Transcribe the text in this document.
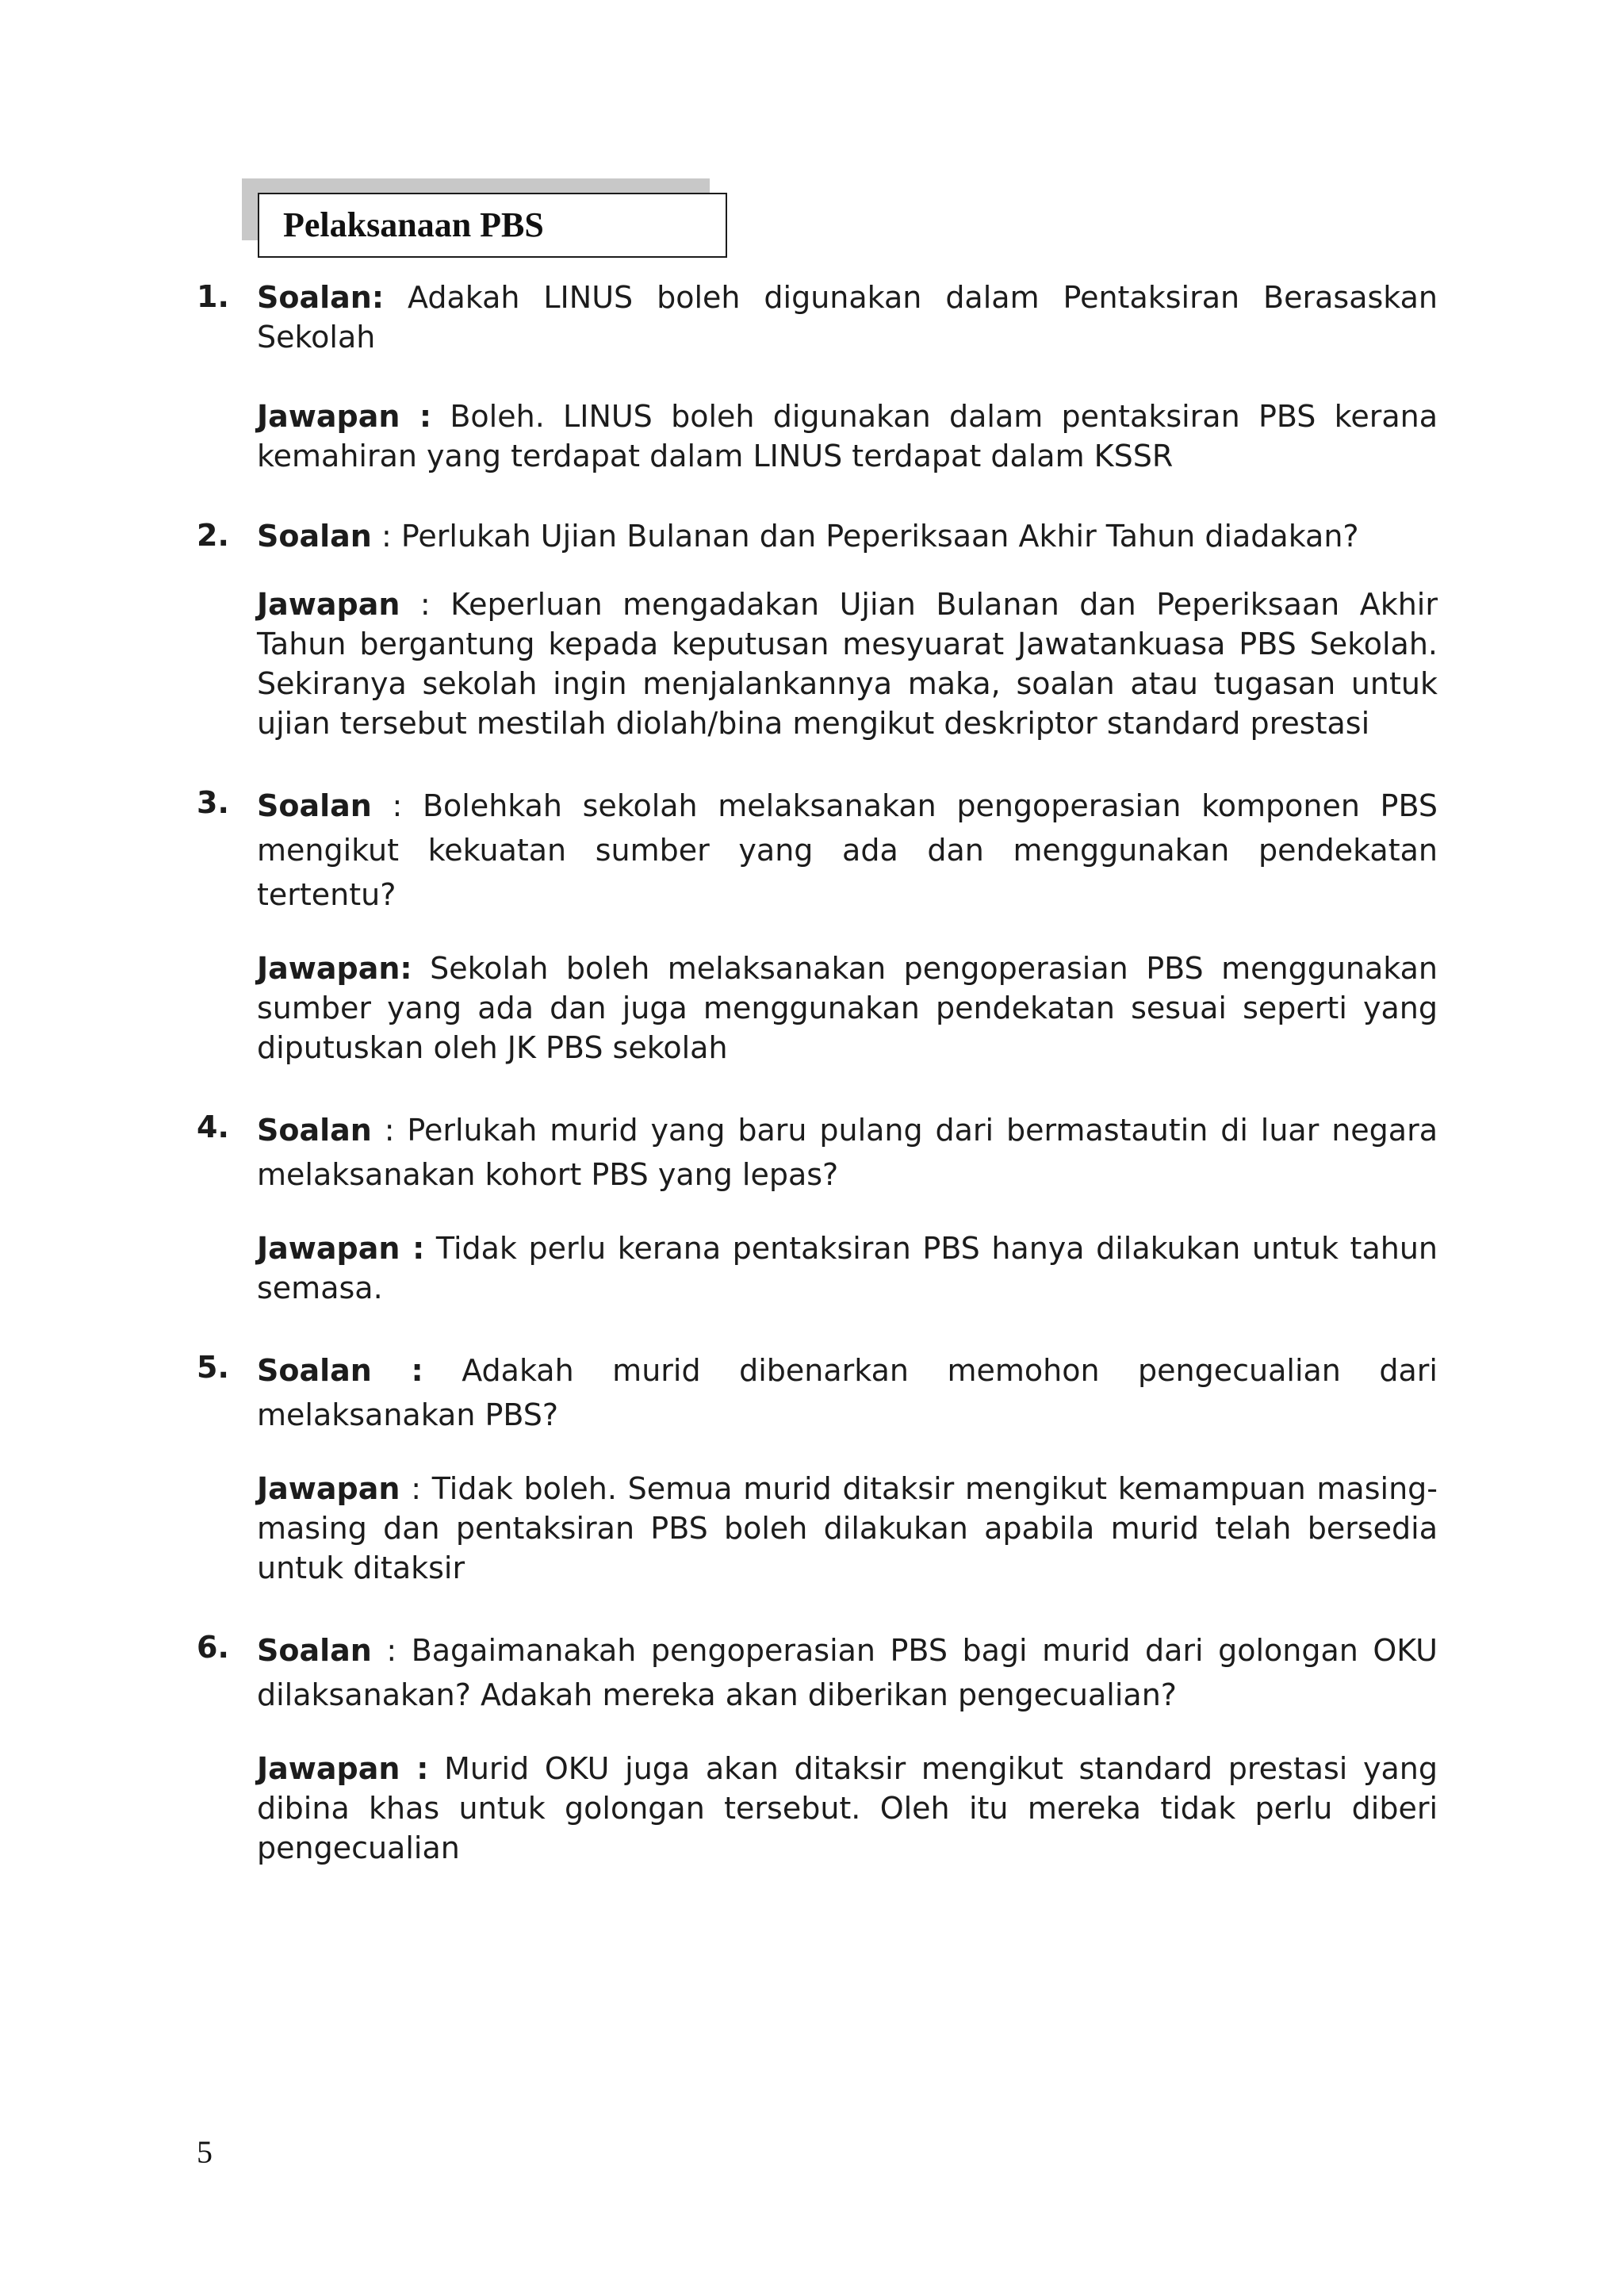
Pelaksanaan PBS
1. Soalan: Adakah LINUS boleh digunakan dalam Pentaksiran Berasaskan Sekolah

Jawapan : Boleh. LINUS boleh digunakan dalam pentaksiran PBS kerana kemahiran yang terdapat dalam LINUS terdapat dalam KSSR

2. Soalan : Perlukah Ujian Bulanan dan Peperiksaan Akhir Tahun diadakan?

Jawapan : Keperluan mengadakan Ujian Bulanan dan Peperiksaan Akhir Tahun bergantung kepada keputusan mesyuarat Jawatankuasa PBS Sekolah. Sekiranya sekolah ingin menjalankannya maka, soalan atau tugasan untuk ujian tersebut mestilah diolah/bina mengikut deskriptor standard prestasi

3. Soalan : Bolehkah sekolah melaksanakan pengoperasian komponen PBS mengikut kekuatan sumber yang ada dan menggunakan pendekatan tertentu?

Jawapan: Sekolah boleh melaksanakan pengoperasian PBS menggunakan sumber yang ada dan juga menggunakan pendekatan sesuai seperti yang diputuskan oleh JK PBS sekolah

4. Soalan : Perlukah murid yang baru pulang dari bermastautin di luar negara melaksanakan kohort PBS yang lepas?

Jawapan : Tidak perlu kerana pentaksiran PBS hanya dilakukan untuk tahun semasa.

5. Soalan : Adakah murid dibenarkan memohon pengecualian dari melaksanakan PBS?

Jawapan : Tidak boleh. Semua murid ditaksir mengikut kemampuan masing-masing dan pentaksiran PBS boleh dilakukan apabila murid telah bersedia untuk ditaksir

6. Soalan : Bagaimanakah pengoperasian PBS bagi murid dari golongan OKU dilaksanakan? Adakah mereka akan diberikan pengecualian?

Jawapan : Murid OKU juga akan ditaksir mengikut standard prestasi yang dibina khas untuk golongan tersebut. Oleh itu mereka tidak perlu diberi pengecualian

5
